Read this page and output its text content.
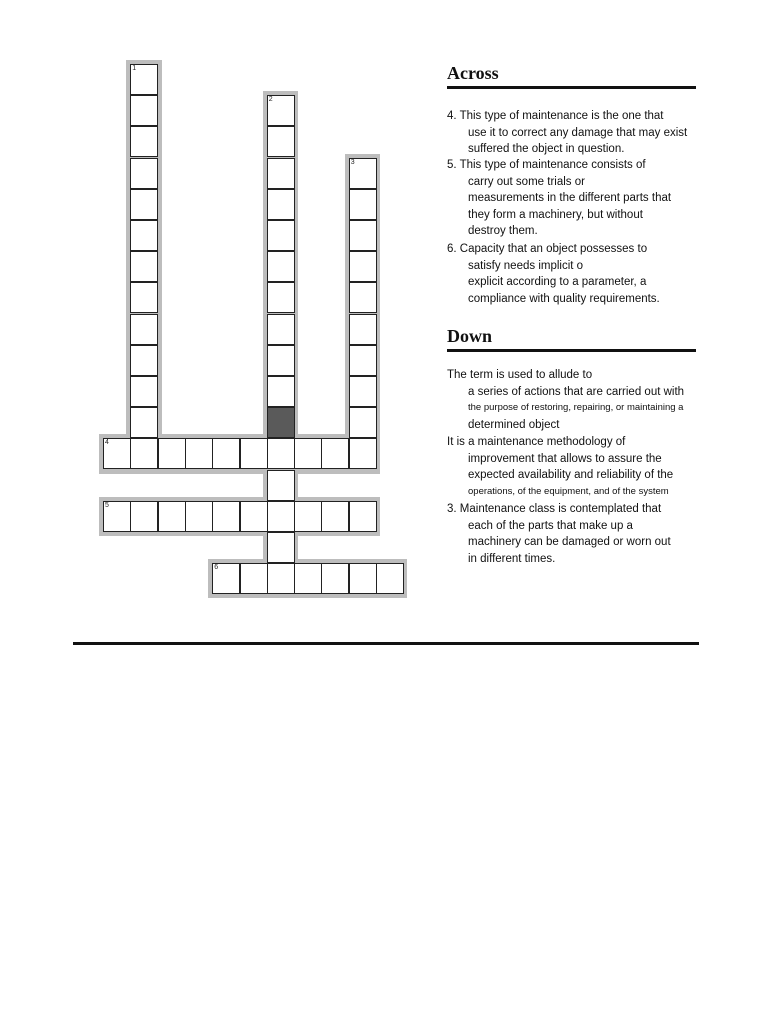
1
2
3
4
5
6
Across
4. This type of maintenance is the one that
use it to correct any damage that may exist
suffered the object in question.
5. This type of maintenance consists of
carry out some trials or
measurements in the different parts that
they form a machinery, but without
destroy them.
6. Capacity that an object possesses to
satisfy needs implicit o
explicit according to a parameter, a
compliance with quality requirements.
Down
The term is used to allude to
a series of actions that are carried out with
the purpose of restoring, repairing, or maintaining a
determined object
It is a maintenance methodology of
improvement that allows to assure the
expected availability and reliability of the
operations, of the equipment, and of the system
3. Maintenance class is contemplated that
each of the parts that make up a
machinery can be damaged or worn out
in different times.
